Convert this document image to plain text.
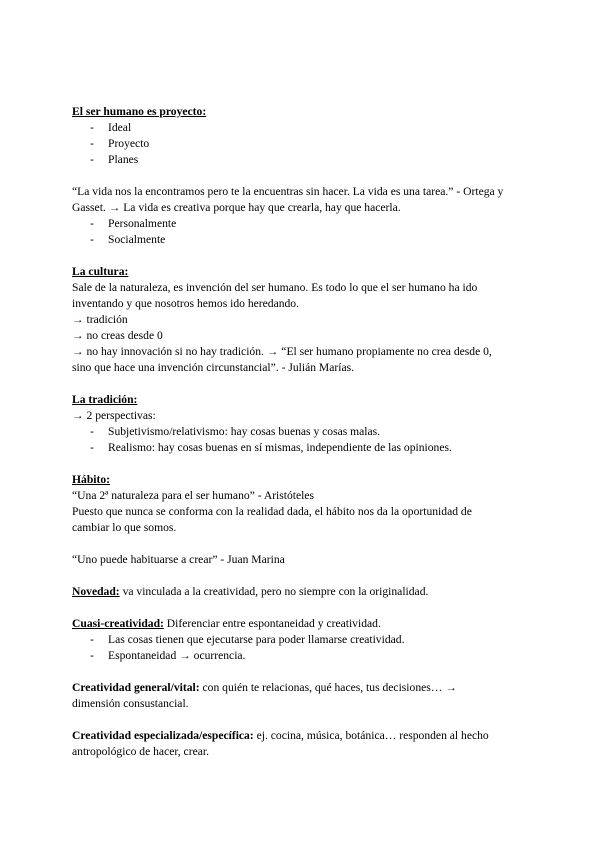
El ser humano es proyecto:
- Ideal
- Proyecto
- Planes
“La vida nos la encontramos pero te la encuentras sin hacer. La vida es una tarea.” - Ortega y
Gasset. → La vida es creativa porque hay que crearla, hay que hacerla.
- Personalmente
- Socialmente
La cultura:
Sale de la naturaleza, es invención del ser humano. Es todo lo que el ser humano ha ido
inventando y que nosotros hemos ido heredando.
→ tradición
→ no creas desde 0
→ no hay innovación si no hay tradición. → “El ser humano propiamente no crea desde 0,
sino que hace una invención circunstancial”. - Julián Marías.
La tradición:
→ 2 perspectivas:
- Subjetivismo/relativismo: hay cosas buenas y cosas malas.
- Realismo: hay cosas buenas en sí mismas, independiente de las opiniones.
Hábito:
“Una 2ª naturaleza para el ser humano” - Aristóteles
Puesto que nunca se conforma con la realidad dada, el hábito nos da la oportunidad de
cambiar lo que somos.
“Uno puede habituarse a crear” - Juan Marina
Novedad: va vinculada a la creatividad, pero no siempre con la originalidad.
Cuasi-creatividad: Diferenciar entre espontaneidad y creatividad.
- Las cosas tienen que ejecutarse para poder llamarse creatividad.
- Espontaneidad → ocurrencia.
Creatividad general/vital: con quién te relacionas, qué haces, tus decisiones… →
dimensión consustancial.
Creatividad especializada/específica: ej. cocina, música, botánica… responden al hecho
antropológico de hacer, crear.
